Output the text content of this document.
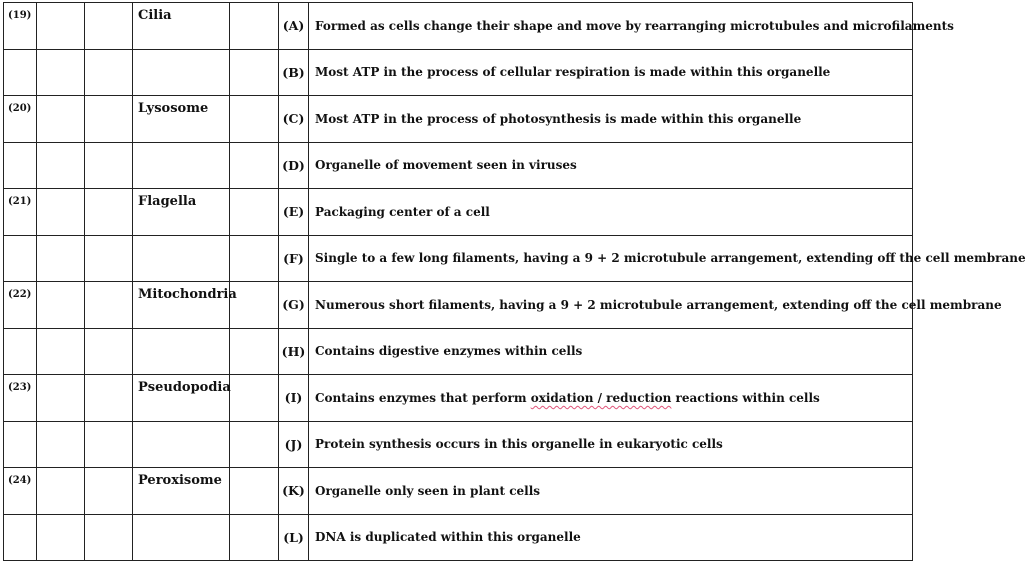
(19)			Cilia		(A)	Formed as cells change their shape and move by rearranging microtubules and microfilaments
					(B)	Most ATP in the process of cellular respiration is made within this organelle
(20)			Lysosome		(C)	Most ATP in the process of photosynthesis is made within this organelle
					(D)	Organelle of movement seen in viruses
(21)			Flagella		(E)	Packaging center of a cell
					(F)	Single to a few long filaments, having a 9 + 2 microtubule arrangement, extending off the cell membrane
(22)			Mitochondria		(G)	Numerous short filaments, having a 9 + 2 microtubule arrangement, extending off the cell membrane
					(H)	Contains digestive enzymes within cells
(23)			Pseudopodia		(I)	Contains enzymes that perform oxidation / reduction reactions within cells
					(J)	Protein synthesis occurs in this organelle in eukaryotic cells
(24)			Peroxisome		(K)	Organelle only seen in plant cells
					(L)	DNA is duplicated within this organelle
